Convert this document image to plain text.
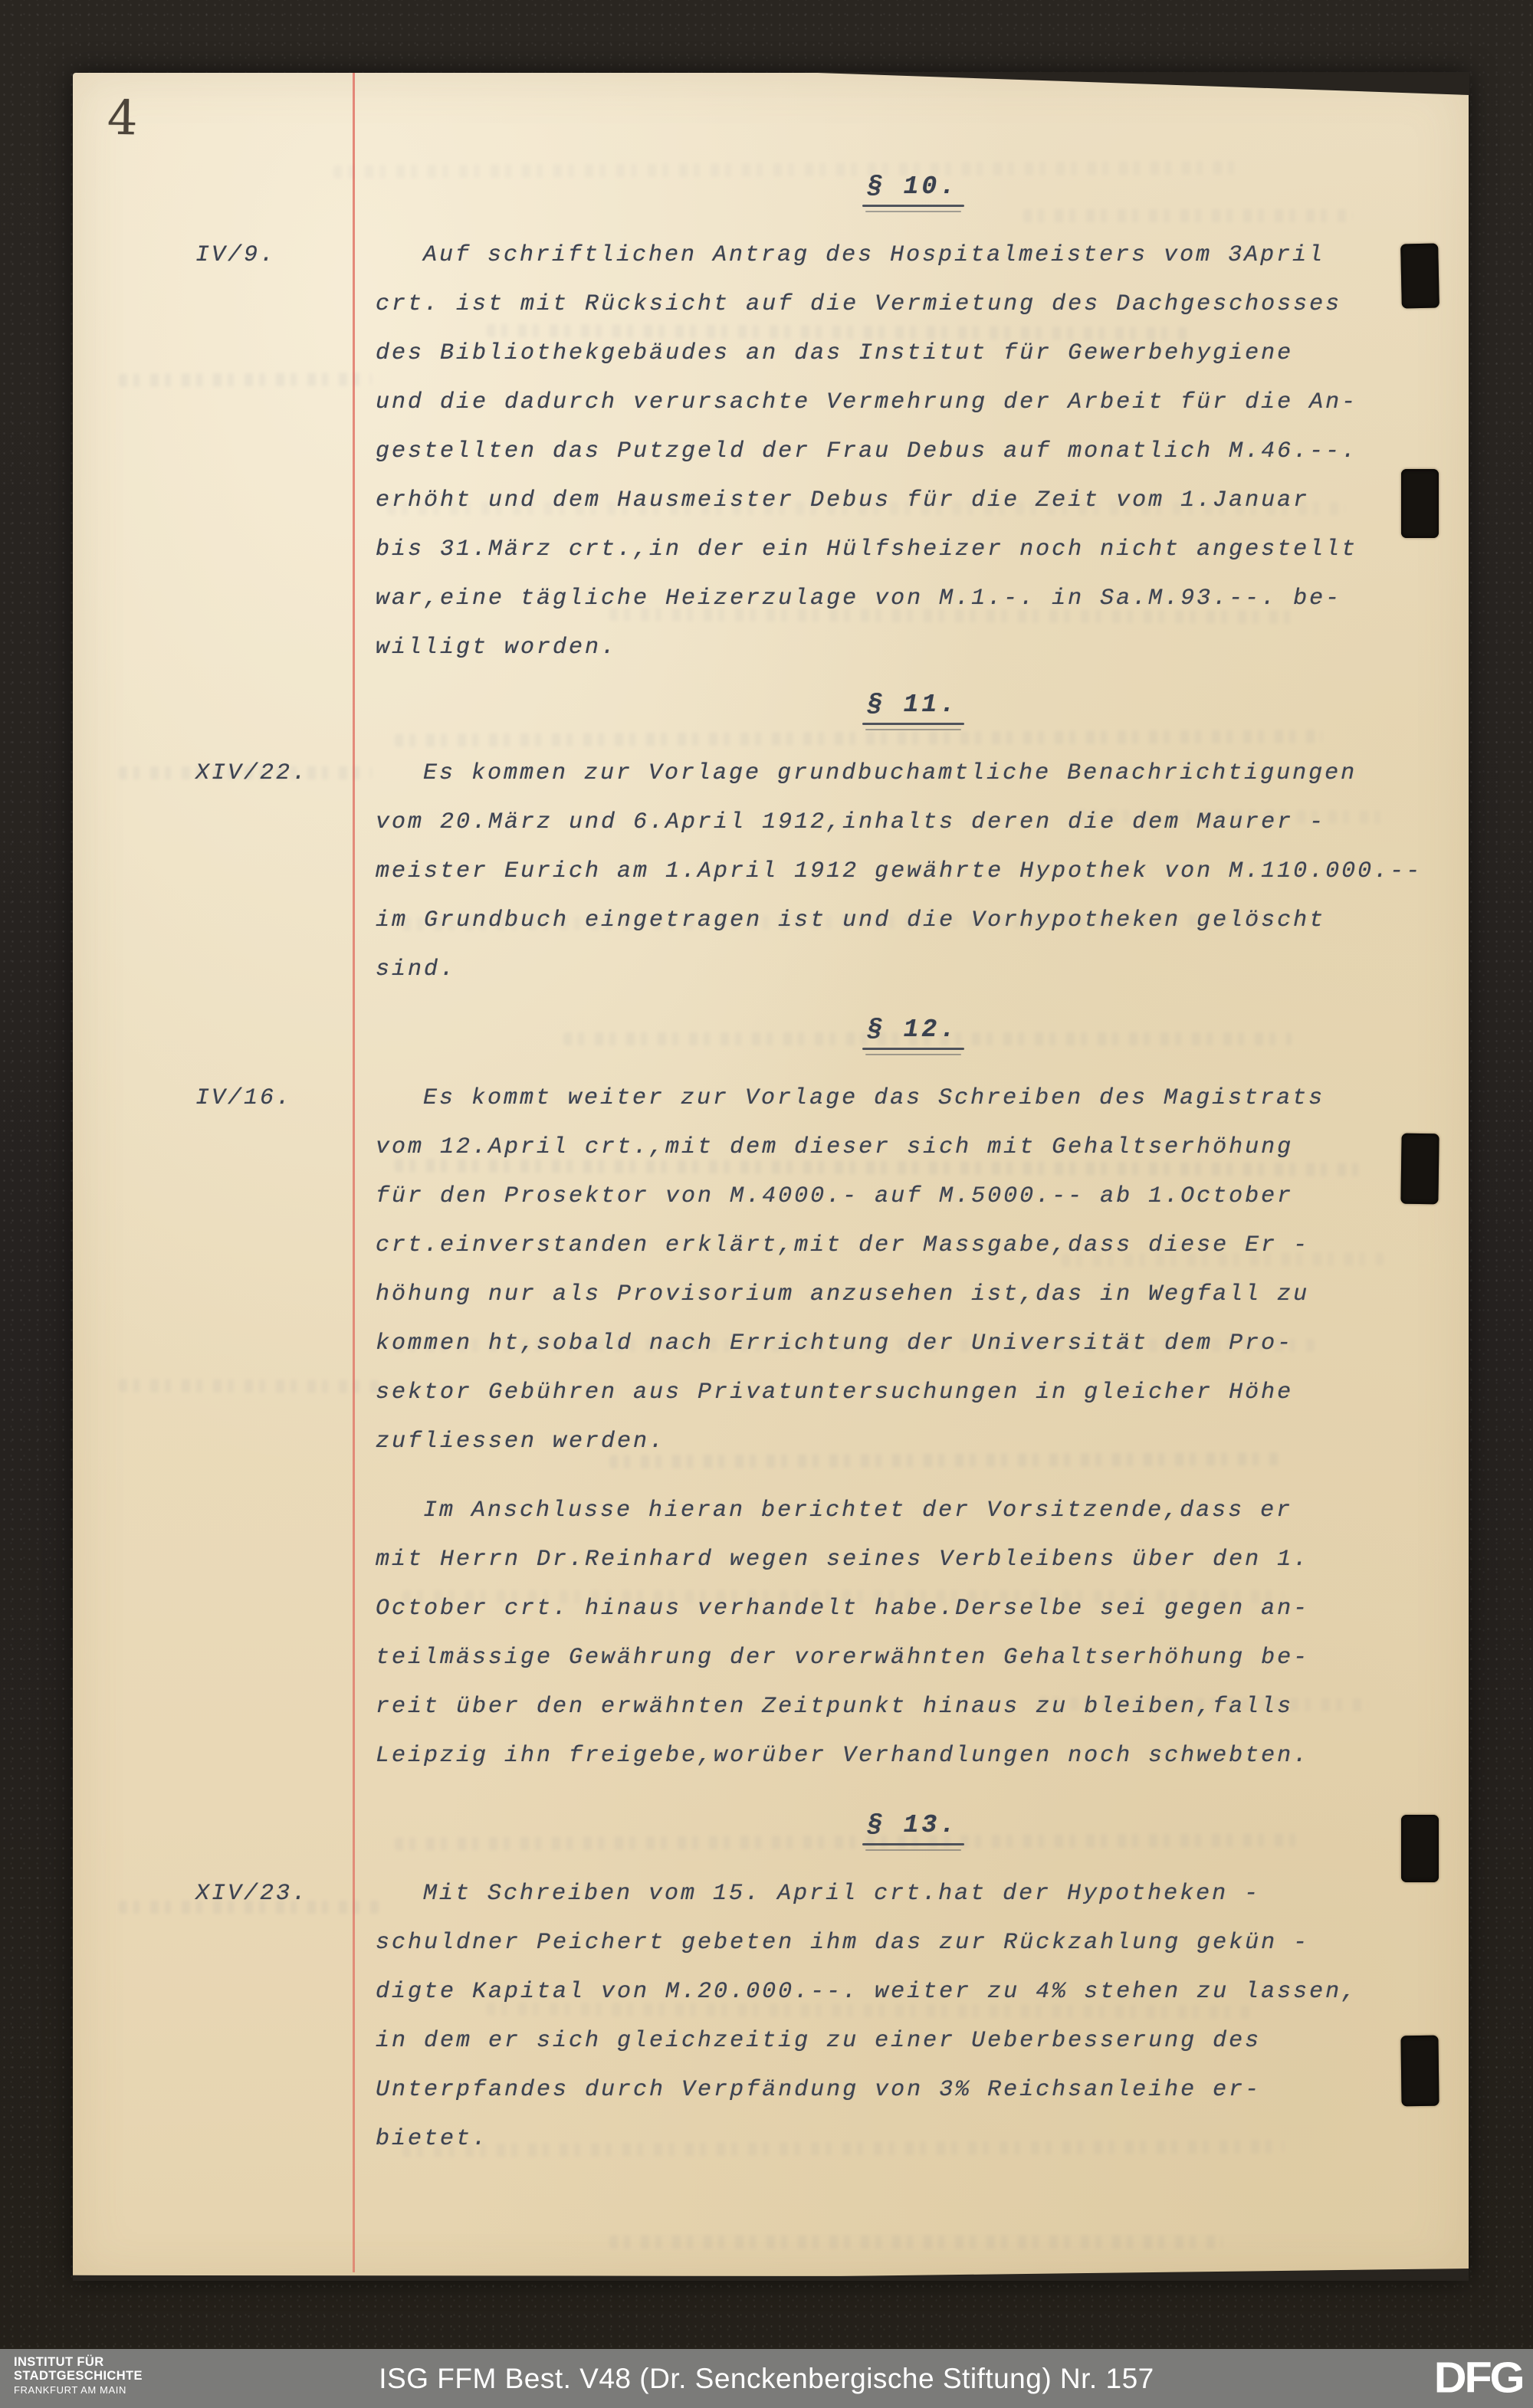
4
§ 10.
IV/9.	Auf schriftlichen Antrag des Hospitalmeisters vom 3April
crt. ist mit Rücksicht auf die Vermietung des Dachgeschosses
des Bibliothekgebäudes an das Institut für Gewerbehygiene
und die dadurch verursachte Vermehrung der Arbeit für die An-
gestellten das Putzgeld der Frau Debus auf monatlich M.46.--.
erhöht und dem Hausmeister Debus für die Zeit vom 1.Januar
bis 31.März crt.,in der ein Hülfsheizer noch nicht angestellt
war,eine tägliche Heizerzulage von M.1.-. in Sa.M.93.--. be-
willigt worden.
§ 11.
XIV/22.	Es kommen zur Vorlage grundbuchamtliche Benachrichtigungen
vom 20.März und 6.April 1912,inhalts deren die dem Maurer -
meister Eurich am 1.April 1912 gewährte Hypothek von M.110.000.--
im Grundbuch eingetragen ist und die Vorhypotheken gelöscht
sind.
§ 12.
IV/16.	Es kommt weiter zur Vorlage das Schreiben des Magistrats
vom 12.April crt.,mit dem dieser sich mit Gehaltserhöhung
für den Prosektor von M.4000.- auf M.5000.-- ab 1.October
crt.einverstanden erklärt,mit der Massgabe,dass diese Er -
höhung nur als Provisorium anzusehen ist,das in Wegfall zu
kommen ht,sobald nach Errichtung der Universität dem Pro-
sektor Gebühren aus Privatuntersuchungen in gleicher Höhe
zufliessen werden.
Im Anschlusse hieran berichtet der Vorsitzende,dass er
mit Herrn Dr.Reinhard wegen seines Verbleibens über den 1.
October crt. hinaus verhandelt habe.Derselbe sei gegen an-
teilmässige Gewährung der vorerwähnten Gehaltserhöhung be-
reit über den erwähnten Zeitpunkt hinaus zu bleiben,falls
Leipzig ihn freigebe,worüber Verhandlungen noch schwebten.
§ 13.
XIV/23.	Mit Schreiben vom 15. April crt.hat der Hypotheken -
schuldner Peichert gebeten ihm das zur Rückzahlung gekün -
digte Kapital von M.20.000.--. weiter zu 4% stehen zu lassen,
in dem er sich gleichzeitig zu einer Ueberbesserung des
Unterpfandes durch Verpfändung von 3% Reichsanleihe er-
bietet.
INSTITUT FÜR
STADTGESCHICHTE
FRANKFURT AM MAIN	ISG FFM Best. V48 (Dr. Senckenbergische Stiftung) Nr. 157	DFG
